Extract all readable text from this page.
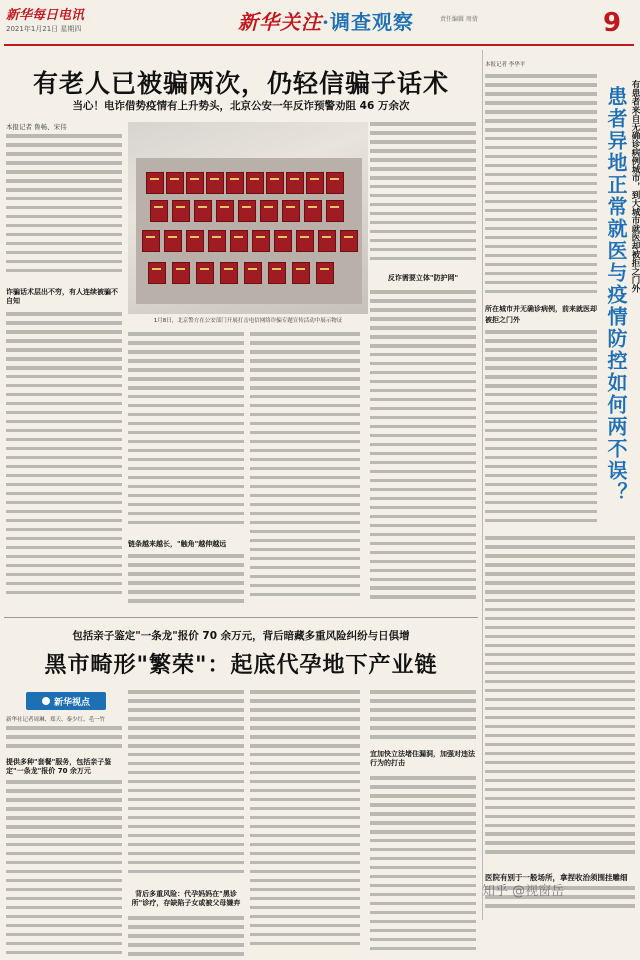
新华每日电讯
2021年1月21日 星期四	新华关注·调查观察	责任编辑 周倩	9
有老人已被骗两次，仍轻信骗子话术
当心！电诈借势疫情有上升势头，北京公安一年反诈预警劝阻 46 万余次
本报记者 鲁畅、宋伟
诈骗话术层出不穷，有人连续被骗不自知
1月8日，北京警方在公安部门开展打击电信网络诈骗专题宣传活动中展示物证
链条越来越长，"触角"越伸越远
反诈需要立体"防护网"
包括亲子鉴定"一条龙"报价 70 余万元，背后暗藏多重风险纠纷与日俱增
黑市畸形"繁荣"：起底代孕地下产业链
新华视点
新华社记者周琳、郑天、秦少红、毛一竹
提供多种"套餐"服务，包括亲子鉴定"一条龙"报价 70 余万元
背后多重风险：代孕妈妈在"黑诊所"诊疗，存缺陷子女或被父母嫌弃
宜加快立法堵住漏洞，加强对违法行为的打击
本报记者 李华平
有患者来自无确诊病例城市，到大城市就医却被拒之门外
患者异地正常就医与疫情防控如何两不误？
所在城市并无确诊病例，前来就医却被拒之门外
医院有别于一般场所，拿捏收治须围挂雕细
知乎 @视窗岳
